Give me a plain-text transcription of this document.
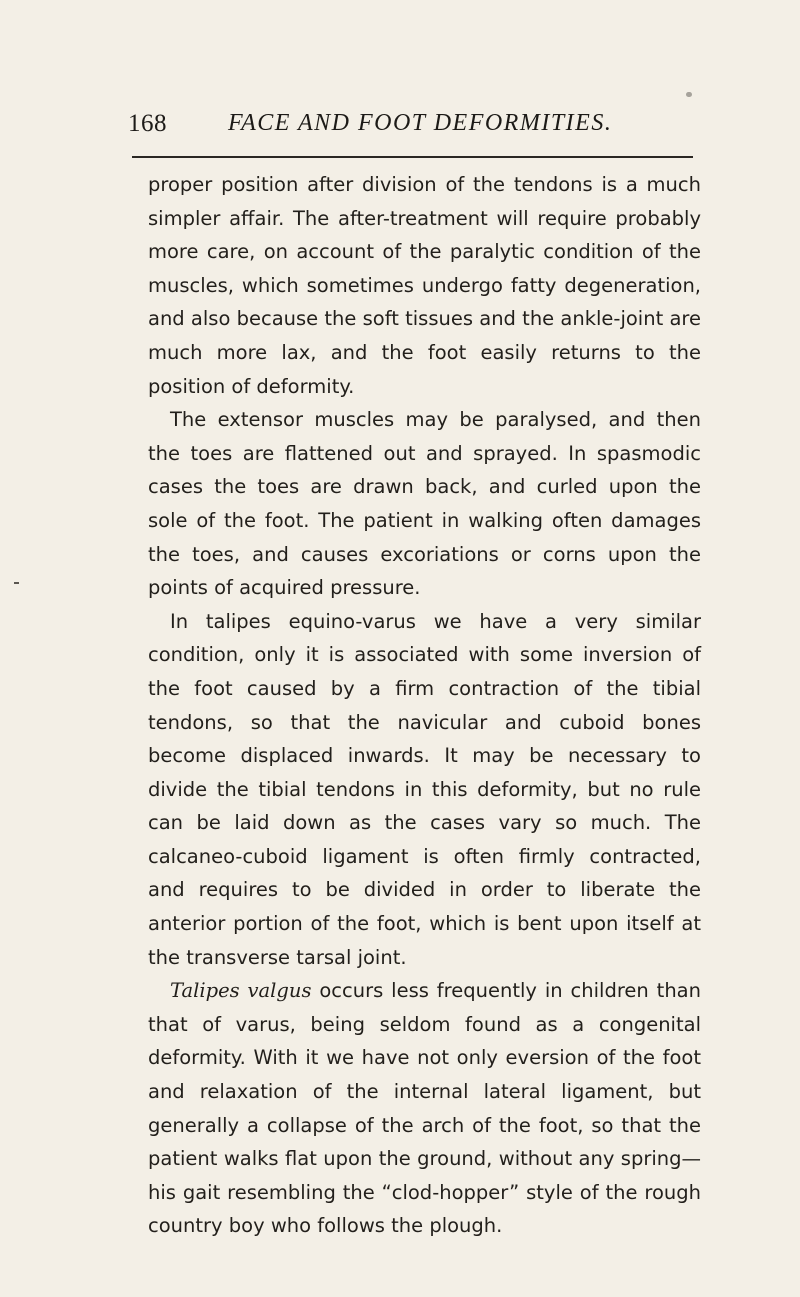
168	FACE AND FOOT DEFORMITIES.

proper position after division of the tendons is a much simpler affair. The after-treatment will require probably more care, on account of the paralytic condition of the muscles, which sometimes undergo fatty degeneration, and also because the soft tissues and the ankle-joint are much more lax, and the foot easily returns to the position of deformity.

The extensor muscles may be paralysed, and then the toes are flattened out and sprayed. In spasmodic cases the toes are drawn back, and curled upon the sole of the foot. The patient in walking often damages the toes, and causes excoriations or corns upon the points of acquired pressure.

In talipes equino-varus we have a very similar condition, only it is associated with some inversion of the foot caused by a firm contraction of the tibial tendons, so that the navicular and cuboid bones become displaced inwards. It may be necessary to divide the tibial tendons in this deformity, but no rule can be laid down as the cases vary so much. The calcaneo-cuboid ligament is often firmly contracted, and requires to be divided in order to liberate the anterior portion of the foot, which is bent upon itself at the transverse tarsal joint.

Talipes valgus occurs less frequently in children than that of varus, being seldom found as a congenital deformity. With it we have not only eversion of the foot and relaxation of the internal lateral ligament, but generally a collapse of the arch of the foot, so that the patient walks flat upon the ground, without any spring—his gait resembling the “clod-hopper” style of the rough country boy who follows the plough.
